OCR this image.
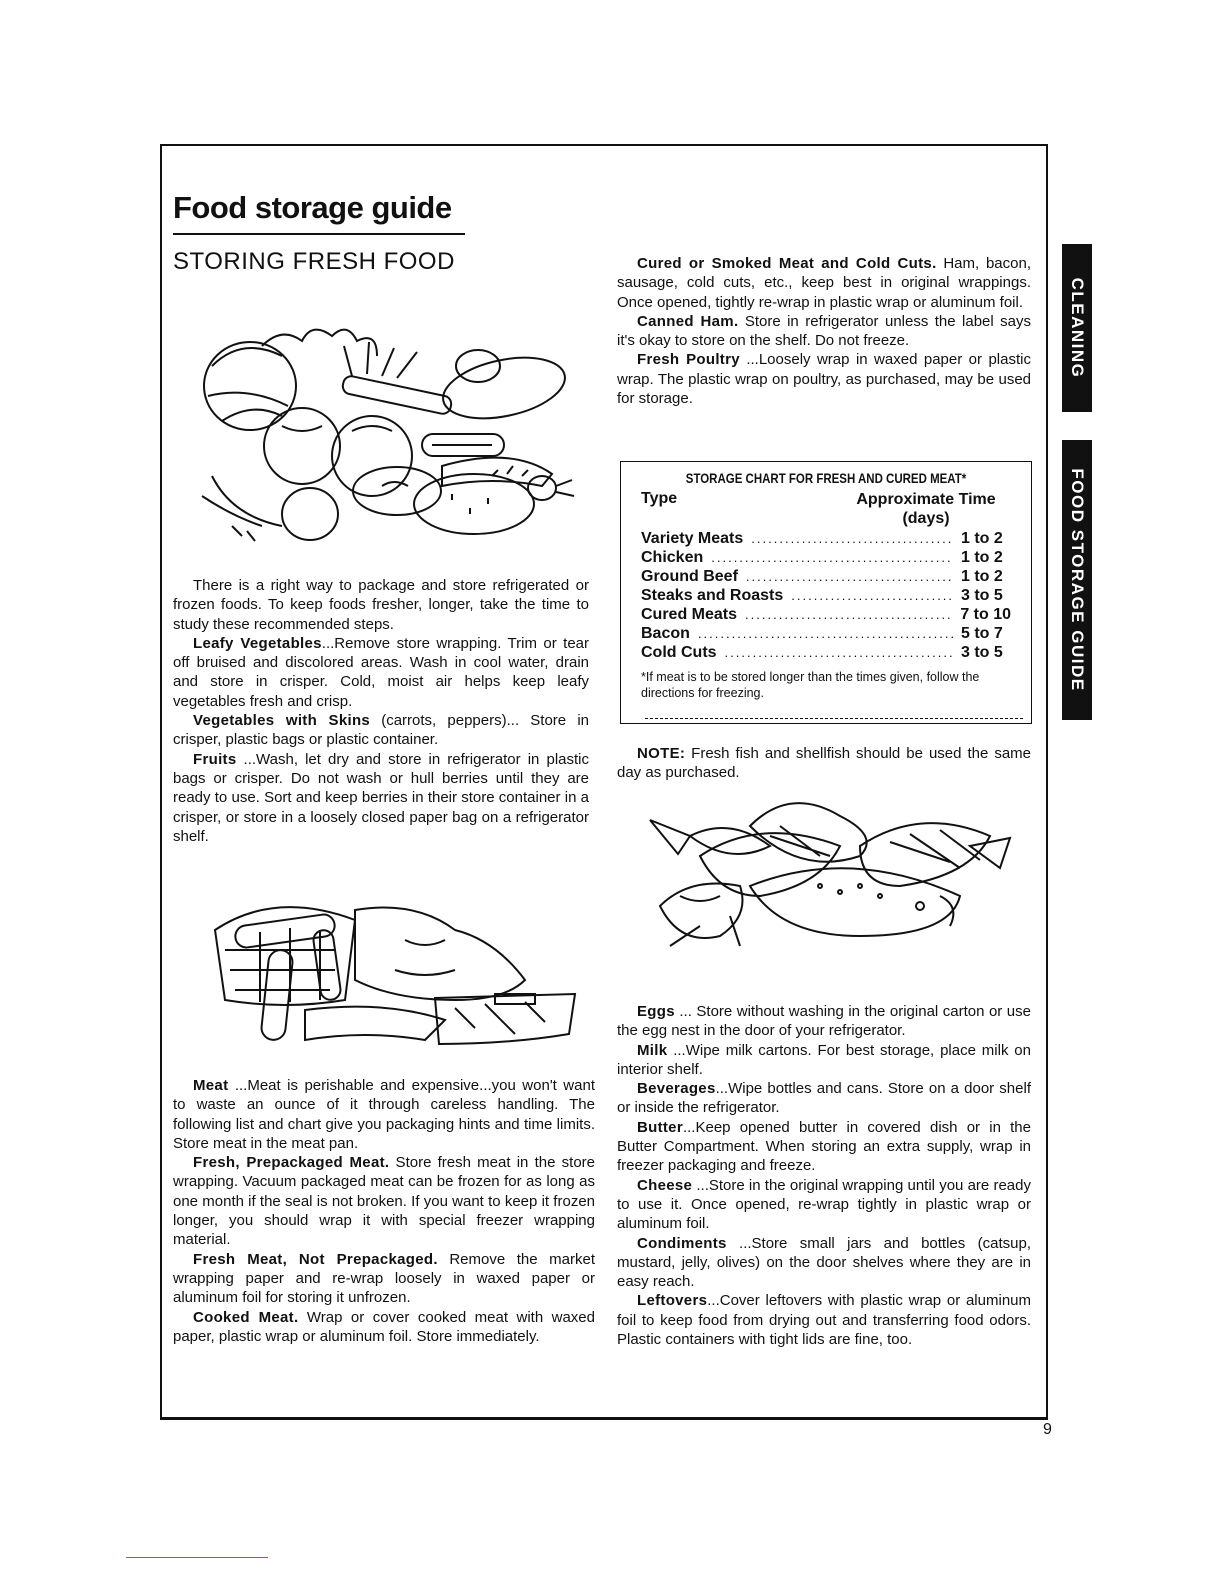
Food storage guide
STORING FRESH FOOD

There is a right way to package and store refrigerated or frozen foods. To keep foods fresher, longer, take the time to study these recommended steps.

Leafy Vegetables...Remove store wrapping. Trim or tear off bruised and discolored areas. Wash in cool water, drain and store in crisper. Cold, moist air helps keep leafy vegetables fresh and crisp.

Vegetables with Skins (carrots, peppers)... Store in crisper, plastic bags or plastic container.

Fruits ...Wash, let dry and store in refrigerator in plastic bags or crisper. Do not wash or hull berries until they are ready to use. Sort and keep berries in their store container in a crisper, or store in a loosely closed paper bag on a refrigerator shelf.

Meat ...Meat is perishable and expensive...you won't want to waste an ounce of it through careless handling. The following list and chart give you packaging hints and time limits. Store meat in the meat pan.

Fresh, Prepackaged Meat. Store fresh meat in the store wrapping. Vacuum packaged meat can be frozen for as long as one month if the seal is not broken. If you want to keep it frozen longer, you should wrap it with special freezer wrapping material.

Fresh Meat, Not Prepackaged. Remove the market wrapping paper and re-wrap loosely in waxed paper or aluminum foil for storing it unfrozen.

Cooked Meat. Wrap or cover cooked meat with waxed paper, plastic wrap or aluminum foil. Store immediately.

Cured or Smoked Meat and Cold Cuts. Ham, bacon, sausage, cold cuts, etc., keep best in original wrappings. Once opened, tightly re-wrap in plastic wrap or aluminum foil.

Canned Ham. Store in refrigerator unless the label says it's okay to store on the shelf. Do not freeze.

Fresh Poultry ...Loosely wrap in waxed paper or plastic wrap. The plastic wrap on poultry, as purchased, may be used for storage.

STORAGE CHART FOR FRESH AND CURED MEAT*
Type	Approximate Time (days)
Variety Meats .....	1 to 2
Chicken .....	1 to 2
Ground Beef .....	1 to 2
Steaks and Roasts .....	3 to 5
Cured Meats .....	7 to 10
Bacon .....	5 to 7
Cold Cuts .....	3 to 5
*If meat is to be stored longer than the times given, follow the directions for freezing.

NOTE: Fresh fish and shellfish should be used the same day as purchased.

Eggs ... Store without washing in the original carton or use the egg nest in the door of your refrigerator.

Milk ...Wipe milk cartons. For best storage, place milk on interior shelf.

Beverages...Wipe bottles and cans. Store on a door shelf or inside the refrigerator.

Butter...Keep opened butter in covered dish or in the Butter Compartment. When storing an extra supply, wrap in freezer packaging and freeze.

Cheese ...Store in the original wrapping until you are ready to use it. Once opened, re-wrap tightly in plastic wrap or aluminum foil.

Condiments ...Store small jars and bottles (catsup, mustard, jelly, olives) on the door shelves where they are in easy reach.

Leftovers...Cover leftovers with plastic wrap or aluminum foil to keep food from drying out and transferring food odors. Plastic containers with tight lids are fine, too.

CLEANING
FOOD STORAGE GUIDE
9
